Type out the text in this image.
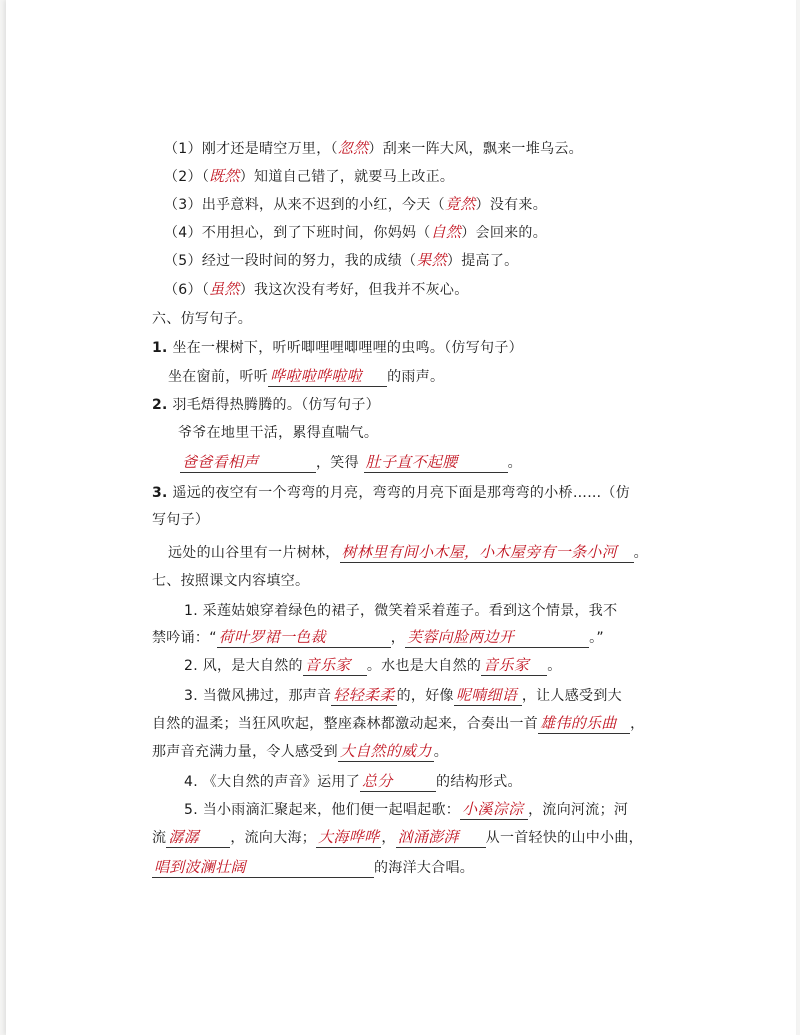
（1）刚才还是晴空万里，（忽然）刮来一阵大风，飘来一堆乌云。
（2）（既然）知道自己错了，就要马上改正。
（3）出乎意料，从来不迟到的小红，今天（竟然）没有来。
（4）不用担心，到了下班时间，你妈妈（自然）会回来的。
（5）经过一段时间的努力，我的成绩（果然）提高了。
（6）（虽然）我这次没有考好，但我并不灰心。
六、仿写句子。
1. 坐在一棵树下，听听唧哩哩唧哩哩的虫鸣。（仿写句子）
坐在窗前，听听 哗啦啦哗啦啦 的雨声。
2. 羽毛焐得热腾腾的。（仿写句子）
爷爷在地里干活，累得直喘气。
爸爸看相声	，笑得 肚子直不起腰	。
3. 遥远的夜空有一个弯弯的月亮，弯弯的月亮下面是那弯弯的小桥……（仿
写句子）
远处的山谷里有一片树林， 树林里有间小木屋，小木屋旁有一条小河 。
七、按照课文内容填空。
1. 采莲姑娘穿着绿色的裙子，微笑着采着莲子。看到这个情景，我不
禁吟诵：“ 荷叶罗裙一色裁	， 芙蓉向脸两边开	。”
2. 风，是大自然的 音乐家 。水也是大自然的 音乐家 。
3. 当微风拂过，那声音 轻轻柔柔 的，好像 呢喃细语 ，让人感受到大
自然的温柔；当狂风吹起，整座森林都激动起来，合奏出一首 雄伟的乐曲 ，
那声音充满力量，令人感受到 大自然的威力 。
4. 《大自然的声音》运用了 总分	的结构形式。
5. 当小雨滴汇聚起来，他们便一起唱起歌： 小溪淙淙 ，流向河流；河
流 潺潺 ，流向大海； 大海哗哗 ， 汹涌澎湃 从一首轻快的山中小曲，
唱到波澜壮阔	的海洋大合唱。
